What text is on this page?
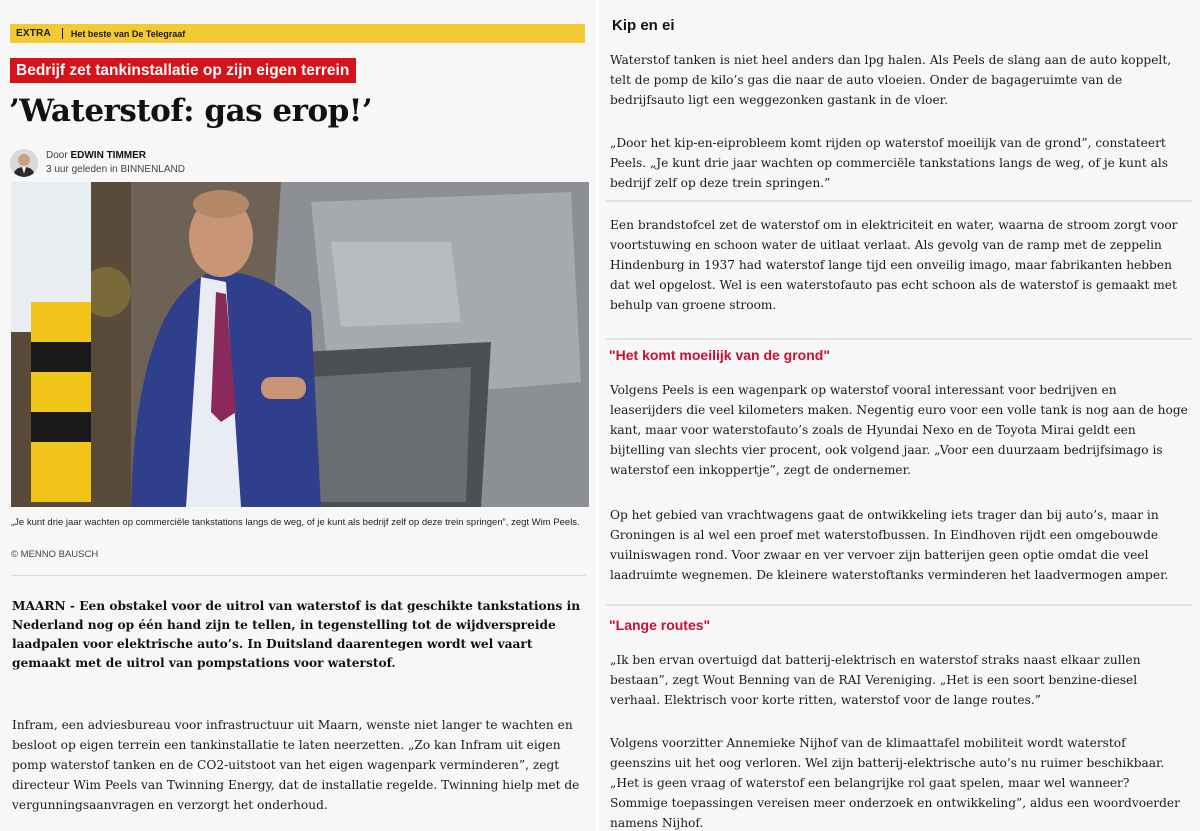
EXTRA Het beste van De Telegraaf
Bedrijf zet tankinstallatie op zijn eigen terrein
’Waterstof: gas erop!’
Door EDWIN TIMMER
3 uur geleden in BINNENLAND
„Je kunt drie jaar wachten op commerciële tankstations langs de weg, of je kunt als bedrijf zelf op deze trein springen”, zegt Wim Peels.
© MENNO BAUSCH

MAARN - Een obstakel voor de uitrol van waterstof is dat geschikte tankstations in Nederland nog op één hand zijn te tellen, in tegenstelling tot de wijdverspreide laadpalen voor elektrische auto’s. In Duitsland daarentegen wordt wel vaart gemaakt met de uitrol van pompstations voor waterstof.

Infram, een adviesbureau voor infrastructuur uit Maarn, wenste niet langer te wachten en besloot op eigen terrein een tankinstallatie te laten neerzetten. „Zo kan Infram uit eigen pomp waterstof tanken en de CO2-uitstoot van het eigen wagenpark verminderen”, zegt directeur Wim Peels van Twinning Energy, dat de installatie regelde. Twinning hielp met de vergunningsaanvragen en verzorgt het onderhoud.

Kip en ei

Waterstof tanken is niet heel anders dan lpg halen. Als Peels de slang aan de auto koppelt, telt de pomp de kilo’s gas die naar de auto vloeien. Onder de bagageruimte van de bedrijfsauto ligt een weggezonken gastank in de vloer.

„Door het kip-en-eiprobleem komt rijden op waterstof moeilijk van de grond”, constateert Peels. „Je kunt drie jaar wachten op commerciële tankstations langs de weg, of je kunt als bedrijf zelf op deze trein springen.”

Een brandstofcel zet de waterstof om in elektriciteit en water, waarna de stroom zorgt voor voortstuwing en schoon water de uitlaat verlaat. Als gevolg van de ramp met de zeppelin Hindenburg in 1937 had waterstof lange tijd een onveilig imago, maar fabrikanten hebben dat wel opgelost. Wel is een waterstofauto pas echt schoon als de waterstof is gemaakt met behulp van groene stroom.

"Het komt moeilijk van de grond"

Volgens Peels is een wagenpark op waterstof vooral interessant voor bedrijven en leaserijders die veel kilometers maken. Negentig euro voor een volle tank is nog aan de hoge kant, maar voor waterstofauto’s zoals de Hyundai Nexo en de Toyota Mirai geldt een bijtelling van slechts vier procent, ook volgend jaar. „Voor een duurzaam bedrijfsimago is waterstof een inkoppertje”, zegt de ondernemer.

Op het gebied van vrachtwagens gaat de ontwikkeling iets trager dan bij auto’s, maar in Groningen is al wel een proef met waterstofbussen. In Eindhoven rijdt een omgebouwde vuilniswagen rond. Voor zwaar en ver vervoer zijn batterijen geen optie omdat die veel laadruimte wegnemen. De kleinere waterstoftanks verminderen het laadvermogen amper.

"Lange routes"

„Ik ben ervan overtuigd dat batterij-elektrisch en waterstof straks naast elkaar zullen bestaan”, zegt Wout Benning van de RAI Vereniging. „Het is een soort benzine-diesel verhaal. Elektrisch voor korte ritten, waterstof voor de lange routes.”

Volgens voorzitter Annemieke Nijhof van de klimaattafel mobiliteit wordt waterstof geenszins uit het oog verloren. Wel zijn batterij-elektrische auto’s nu ruimer beschikbaar. „Het is geen vraag of waterstof een belangrijke rol gaat spelen, maar wel wanneer? Sommige toepassingen vereisen meer onderzoek en ontwikkeling”, aldus een woordvoerder namens Nijhof.
